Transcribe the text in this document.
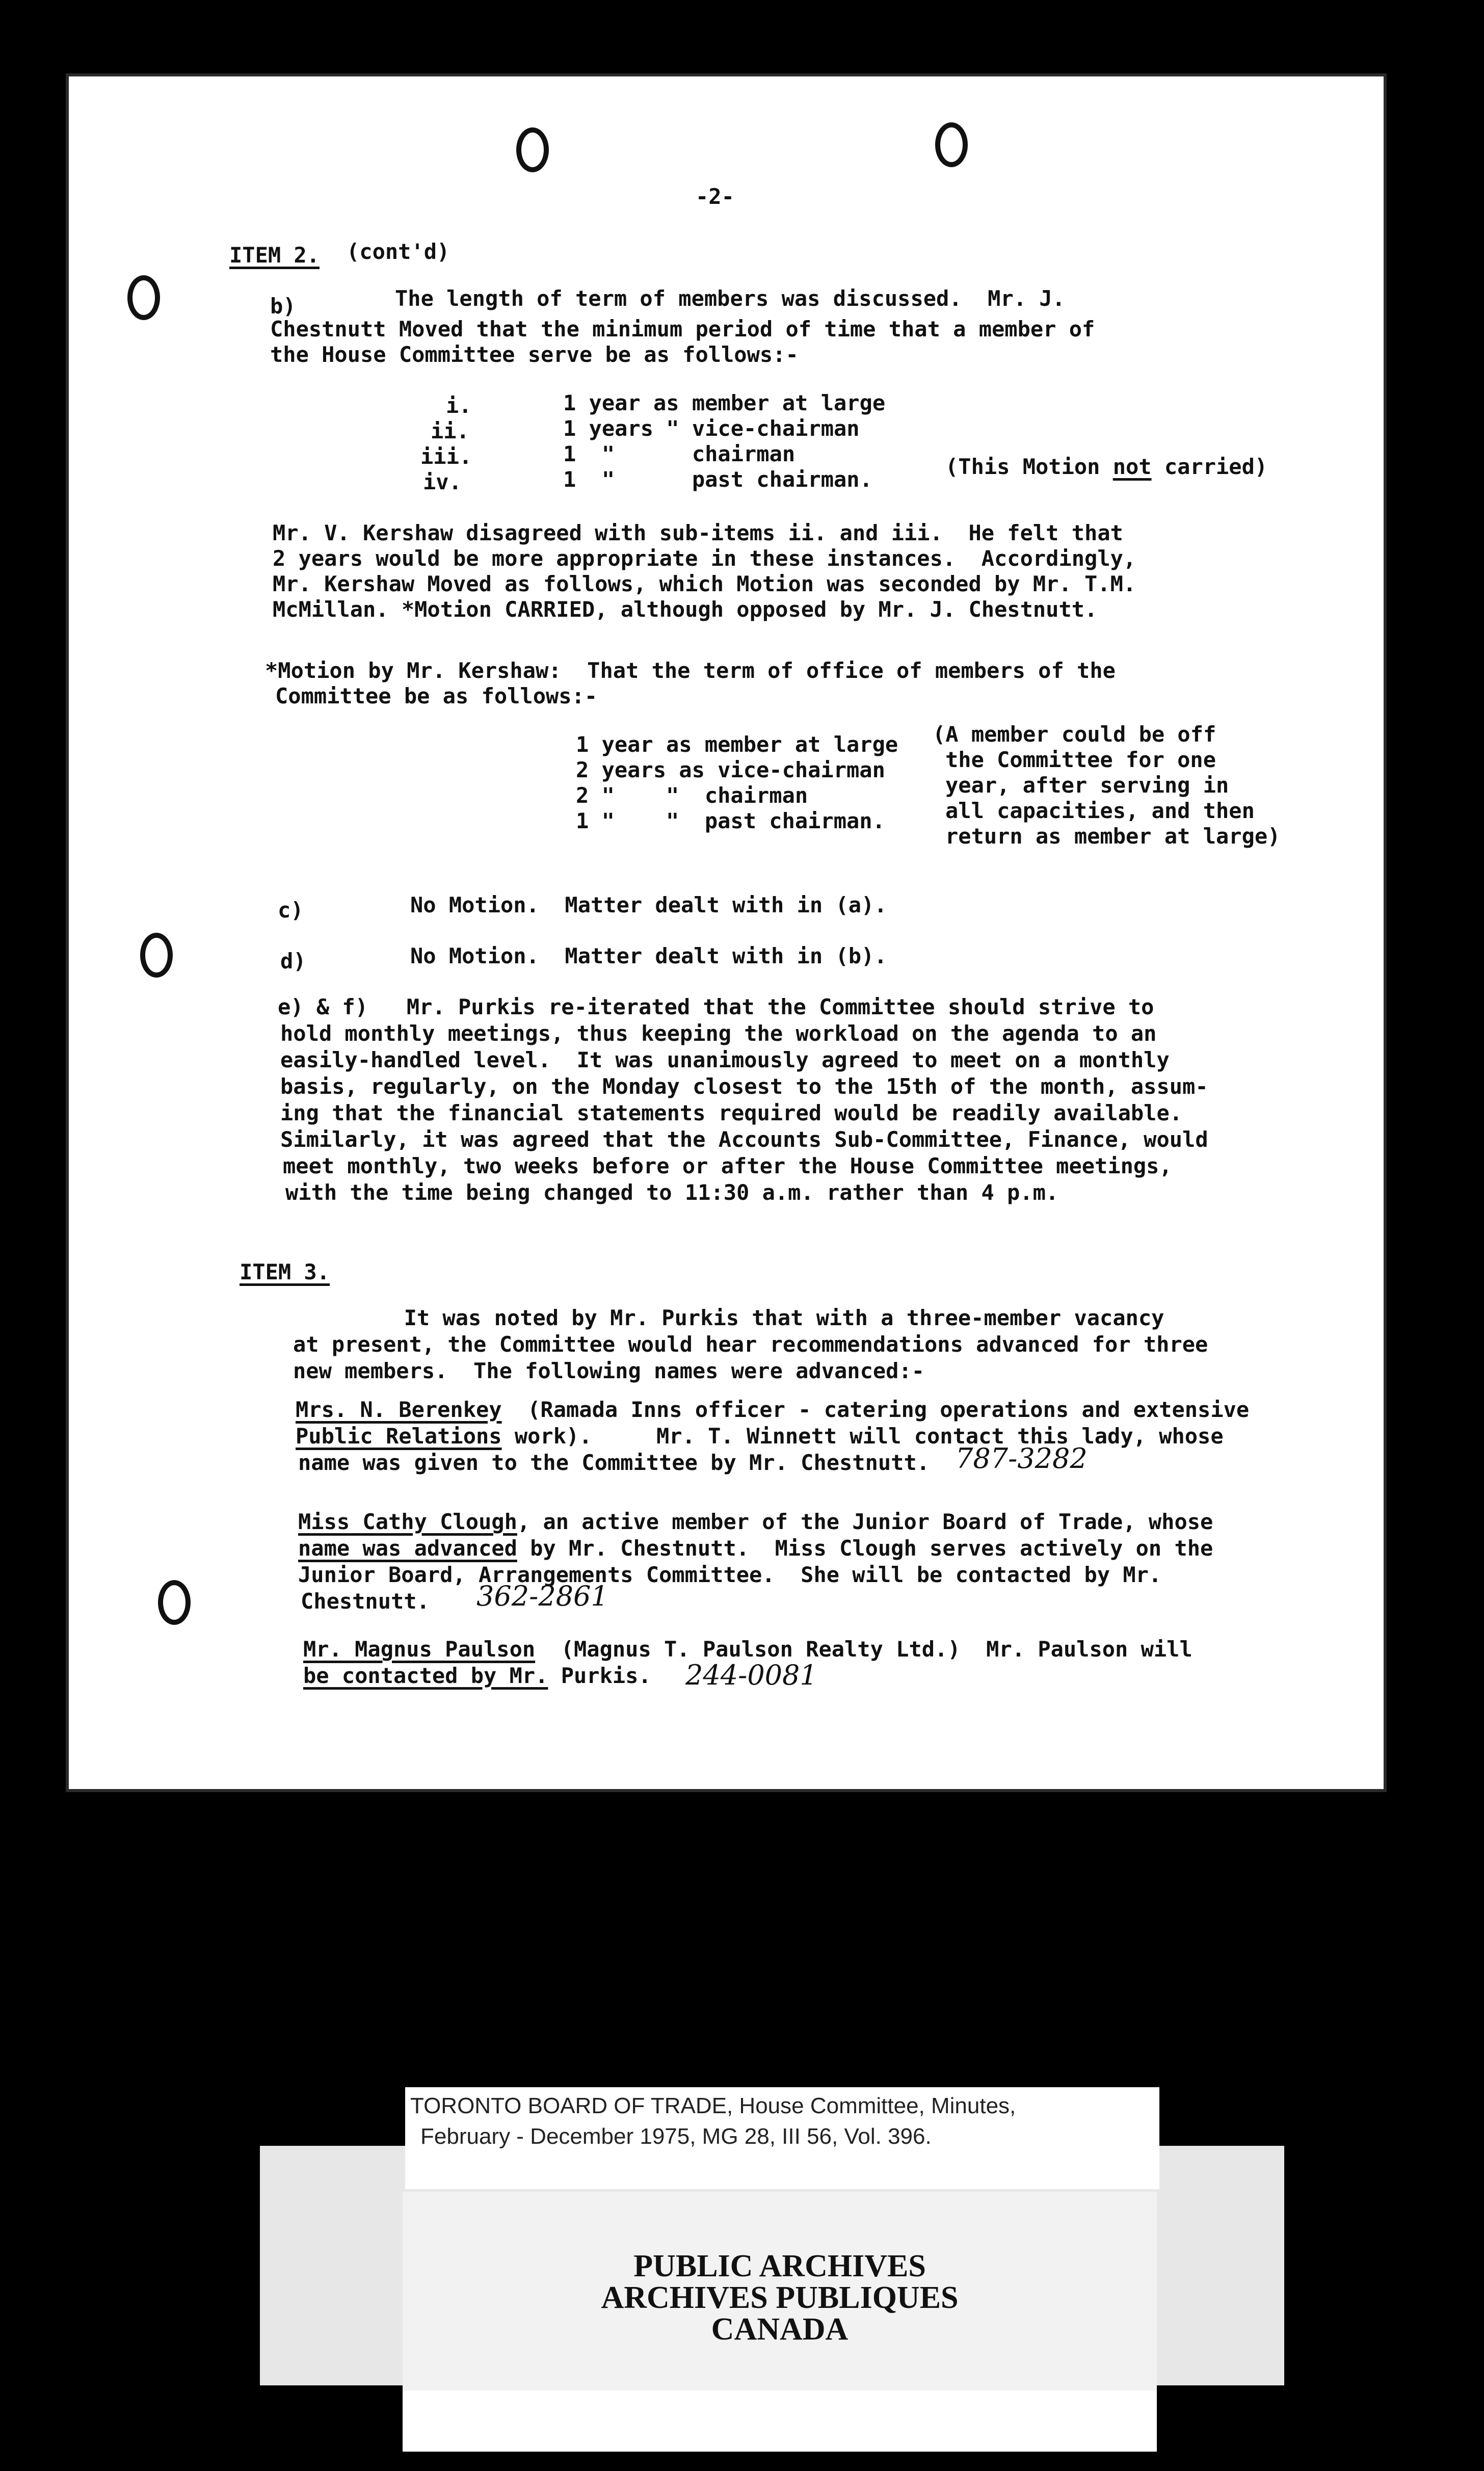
-2-
ITEM 2. (cont'd)
b)	The length of term of members was discussed.  Mr. J.
Chestnutt Moved that the minimum period of time that a member of
the House Committee serve be as follows:-
i.	1 year as member at large
ii.	1 years " vice-chairman
iii.	1  "      chairman
iv.	1  "      past chairman.
(This Motion not carried)
Mr. V. Kershaw disagreed with sub-items ii. and iii.  He felt that
2 years would be more appropriate in these instances.  Accordingly,
Mr. Kershaw Moved as follows, which Motion was seconded by Mr. T.M.
McMillan. *Motion CARRIED, although opposed by Mr. J. Chestnutt.
*Motion by Mr. Kershaw:  That the term of office of members of the
Committee be as follows:-
1 year as member at large
2 years as vice-chairman
2 "    "  chairman
1 "    "  past chairman.
(A member could be off
the Committee for one
year, after serving in
all capacities, and then
return as member at large)
c)	No Motion.  Matter dealt with in (a).
d)	No Motion.  Matter dealt with in (b).
e) & f)   Mr. Purkis re-iterated that the Committee should strive to
hold monthly meetings, thus keeping the workload on the agenda to an
easily-handled level.  It was unanimously agreed to meet on a monthly
basis, regularly, on the Monday closest to the 15th of the month, assum-
ing that the financial statements required would be readily available.
Similarly, it was agreed that the Accounts Sub-Committee, Finance, would
meet monthly, two weeks before or after the House Committee meetings,
with the time being changed to 11:30 a.m. rather than 4 p.m.
ITEM 3.
It was noted by Mr. Purkis that with a three-member vacancy
at present, the Committee would hear recommendations advanced for three
new members.  The following names were advanced:-
Mrs. N. Berenkey  (Ramada Inns officer - catering operations and extensive
Public Relations work).     Mr. T. Winnett will contact this lady, whose
name was given to the Committee by Mr. Chestnutt. 787-3282
Miss Cathy Clough, an active member of the Junior Board of Trade, whose
name was advanced by Mr. Chestnutt.  Miss Clough serves actively on the
Junior Board, Arrangements Committee.  She will be contacted by Mr.
Chestnutt. 362-2861
Mr. Magnus Paulson  (Magnus T. Paulson Realty Ltd.)  Mr. Paulson will
be contacted by Mr. Purkis. 244-0081
MOTION
TORONTO BOARD OF TRADE, House Committee, Minutes,
February - December 1975, MG 28, III 56, Vol. 396.
PUBLIC ARCHIVES
ARCHIVES PUBLIQUES
CANADA
